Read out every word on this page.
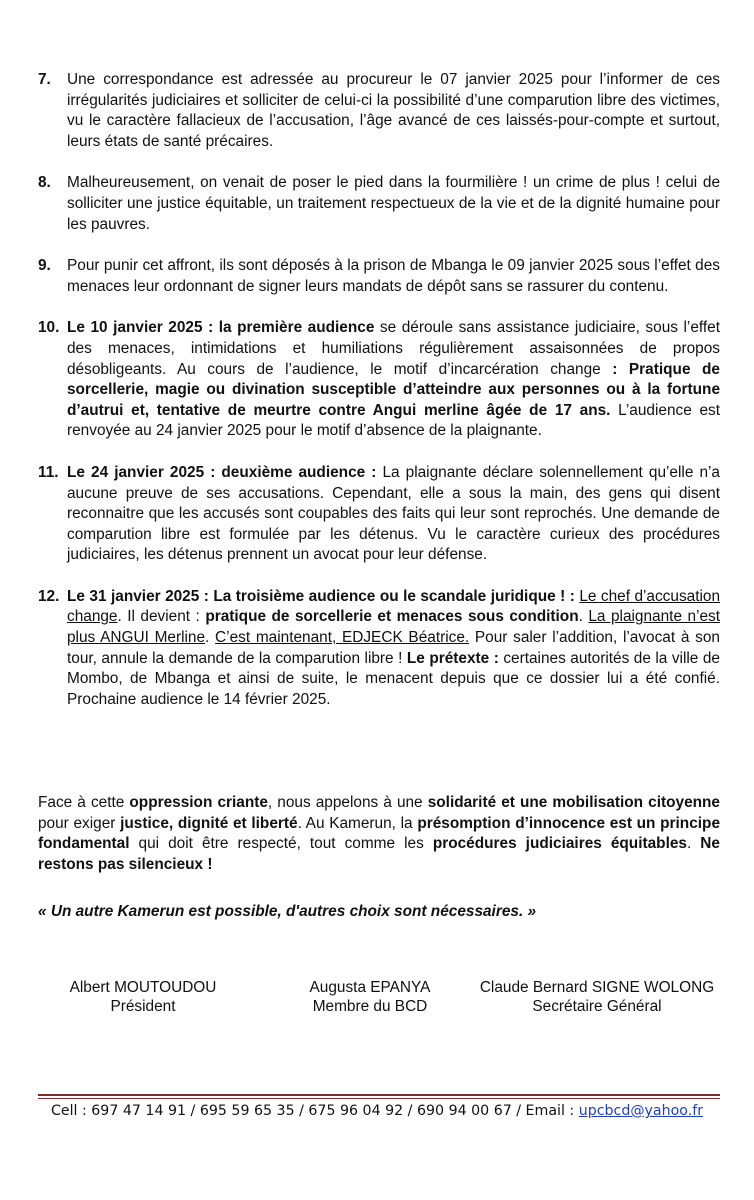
7.	Une correspondance est adressée au procureur le 07 janvier 2025 pour l’informer de ces irrégularités judiciaires et solliciter de celui-ci la possibilité d’une comparution libre des victimes, vu le caractère fallacieux de l’accusation, l’âge avancé de ces laissés-pour-compte et surtout, leurs états de santé précaires.
8.	Malheureusement, on venait de poser le pied dans la fourmilière ! un crime de plus ! celui de solliciter une justice équitable, un traitement respectueux de la vie et de la dignité humaine pour les pauvres.
9.	Pour punir cet affront, ils sont déposés à la prison de Mbanga le 09 janvier 2025 sous l’effet des menaces leur ordonnant de signer leurs mandats de dépôt sans se rassurer du contenu.
10. Le 10 janvier 2025 : la première audience se déroule sans assistance judiciaire, sous l’effet des menaces, intimidations et humiliations régulièrement assaisonnées de propos désobligeants. Au cours de l’audience, le motif d’incarcération change : Pratique de sorcellerie, magie ou divination susceptible d’atteindre aux personnes ou à la fortune d’autrui et, tentative de meurtre contre Angui merline âgée de 17 ans. L’audience est renvoyée au 24 janvier 2025 pour le motif d’absence de la plaignante.
11. Le 24 janvier 2025 : deuxième audience : La plaignante déclare solennellement qu’elle n’a aucune preuve de ses accusations. Cependant, elle a sous la main, des gens qui disent reconnaitre que les accusés sont coupables des faits qui leur sont reprochés. Une demande de comparution libre est formulée par les détenus. Vu le caractère curieux des procédures judiciaires, les détenus prennent un avocat pour leur défense.
12. Le 31 janvier 2025 : La troisième audience ou le scandale juridique ! : Le chef d’accusation change. Il devient : pratique de sorcellerie et menaces sous condition. La plaignante n’est plus ANGUI Merline. C’est maintenant, EDJECK Béatrice. Pour saler l’addition, l’avocat à son tour, annule la demande de la comparution libre ! Le prétexte : certaines autorités de la ville de Mombo, de Mbanga et ainsi de suite, le menacent depuis que ce dossier lui a été confié. Prochaine audience le 14 février 2025.

Face à cette oppression criante, nous appelons à une solidarité et une mobilisation citoyenne pour exiger justice, dignité et liberté. Au Kamerun, la présomption d’innocence est un principe fondamental qui doit être respecté, tout comme les procédures judiciaires équitables. Ne restons pas silencieux !

« Un autre Kamerun est possible, d'autres choix sont nécessaires. »

Albert MOUTOUDOU
Président
Augusta EPANYA
Membre du BCD
Claude Bernard SIGNE WOLONG
Secrétaire Général
Cell : 697 47 14 91 / 695 59 65 35 / 675 96 04 92 / 690 94 00 67 / Email : upcbcd@yahoo.fr
